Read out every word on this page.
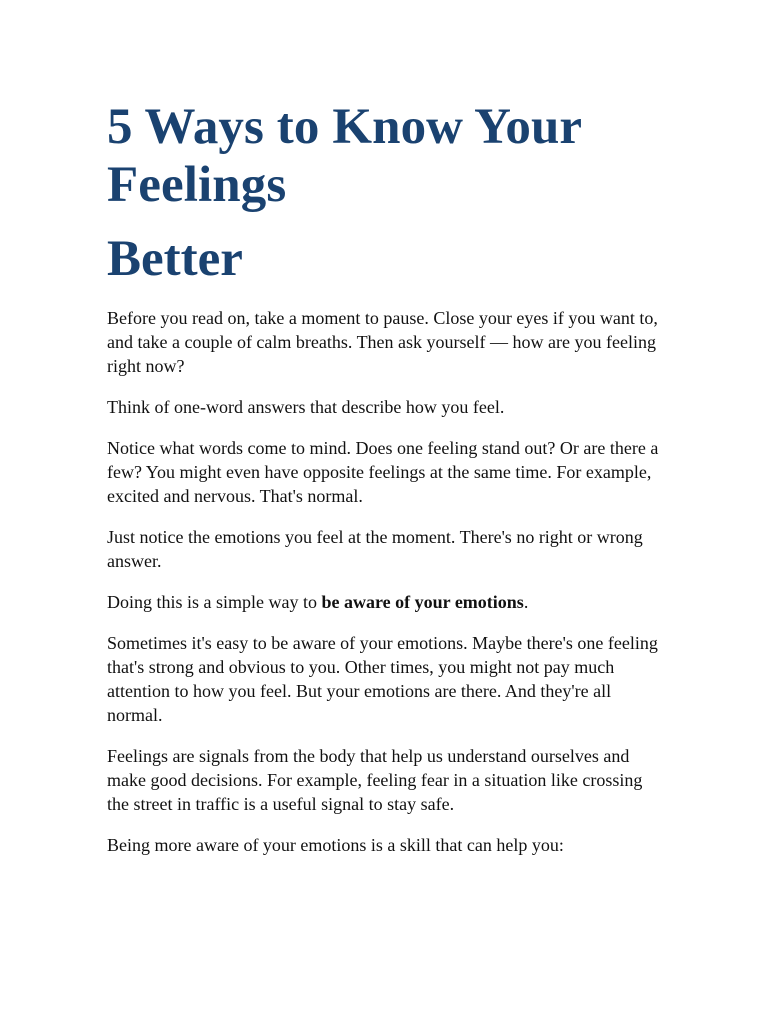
5 Ways to Know Your Feelings
Better

Before you read on, take a moment to pause. Close your eyes if you want to, and take a couple of calm breaths. Then ask yourself — how are you feeling right now?

Think of one-word answers that describe how you feel.

Notice what words come to mind. Does one feeling stand out? Or are there a few? You might even have opposite feelings at the same time. For example, excited and nervous. That's normal.

Just notice the emotions you feel at the moment. There's no right or wrong answer.

Doing this is a simple way to be aware of your emotions.

Sometimes it's easy to be aware of your emotions. Maybe there's one feeling that's strong and obvious to you. Other times, you might not pay much attention to how you feel. But your emotions are there. And they're all normal.

Feelings are signals from the body that help us understand ourselves and make good decisions. For example, feeling fear in a situation like crossing the street in traffic is a useful signal to stay safe.

Being more aware of your emotions is a skill that can help you:
